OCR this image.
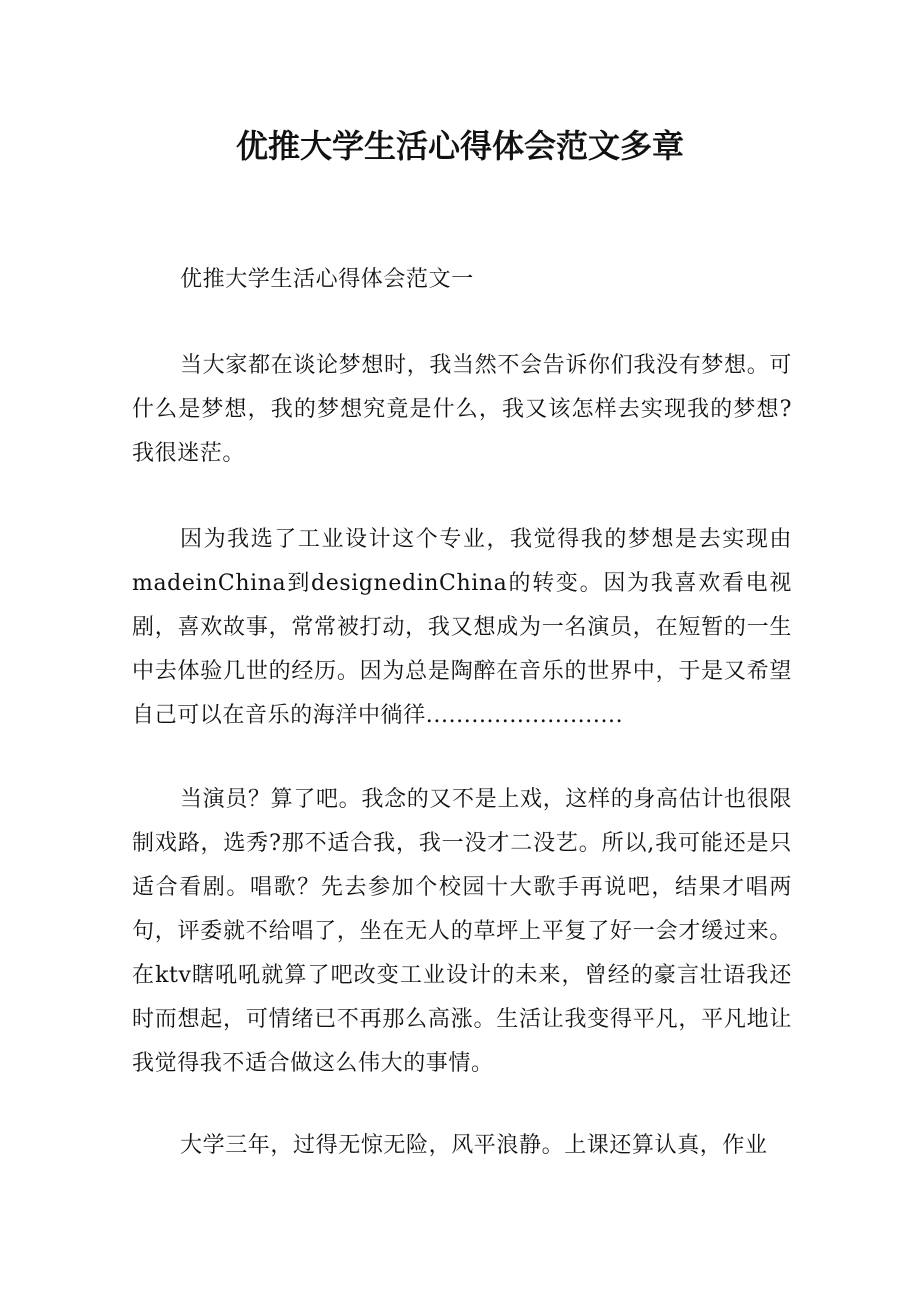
优推大学生活心得体会范文多章

优推大学生活心得体会范文一

当大家都在谈论梦想时，我当然不会告诉你们我没有梦想。可什么是梦想，我的梦想究竟是什么，我又该怎样去实现我的梦想?我很迷茫。

因为我选了工业设计这个专业，我觉得我的梦想是去实现由madeinChina到designedinChina的转变。因为我喜欢看电视剧，喜欢故事，常常被打动，我又想成为一名演员，在短暂的一生中去体验几世的经历。因为总是陶醉在音乐的世界中，于是又希望自己可以在音乐的海洋中徜徉..........................

当演员？算了吧。我念的又不是上戏，这样的身高估计也很限制戏路，选秀?那不适合我，我一没才二没艺。所以,我可能还是只适合看剧。唱歌？先去参加个校园十大歌手再说吧，结果才唱两句，评委就不给唱了，坐在无人的草坪上平复了好一会才缓过来。在ktv瞎吼吼就算了吧改变工业设计的未来，曾经的豪言壮语我还时而想起，可情绪已不再那么高涨。生活让我变得平凡，平凡地让我觉得我不适合做这么伟大的事情。

大学三年，过得无惊无险，风平浪静。上课还算认真，作业
